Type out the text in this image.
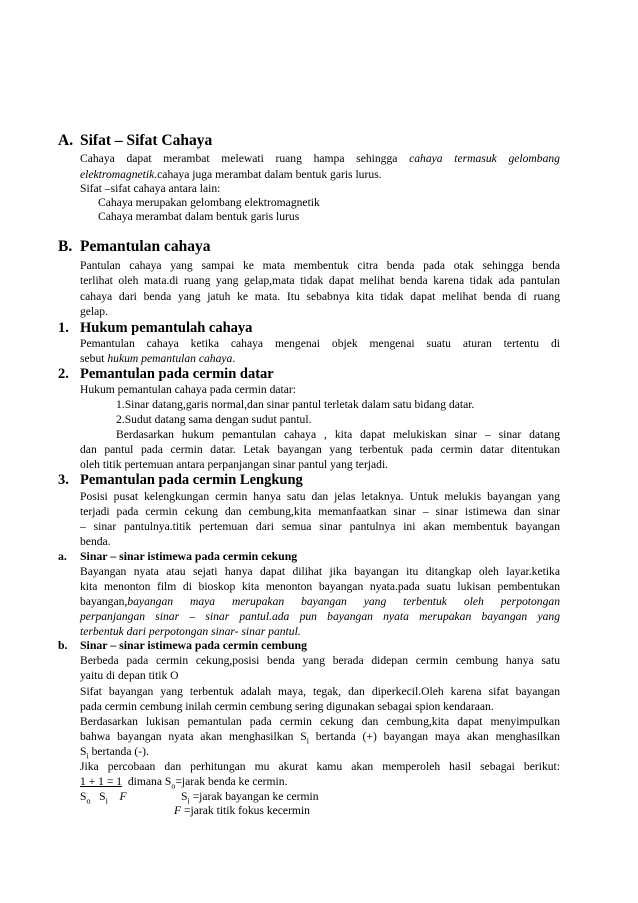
A. Sifat – Sifat Cahaya
Cahaya dapat merambat melewati ruang hampa sehingga cahaya termasuk gelombang
elektromagnetik.cahaya juga merambat dalam bentuk garis lurus.
Sifat –sifat cahaya antara lain:
Cahaya merupakan gelombang elektromagnetik
Cahaya merambat dalam bentuk garis lurus
B. Pemantulan cahaya
Pantulan cahaya yang sampai ke mata membentuk citra benda pada otak sehingga benda
terlihat oleh mata.di ruang yang gelap,mata tidak dapat melihat benda karena tidak ada pantulan
cahaya dari benda yang jatuh ke mata. Itu sebabnya kita tidak dapat melihat benda di ruang
gelap.
1. Hukum pemantulah cahaya
Pemantulan cahaya ketika cahaya mengenai objek mengenai suatu aturan tertentu di
sebut hukum pemantulan cahaya.
2. Pemantulan pada cermin datar
Hukum pemantulan cahaya pada cermin datar:
1.Sinar datang,garis normal,dan sinar pantul terletak dalam satu bidang datar.
2.Sudut datang sama dengan sudut pantul.
Berdasarkan hukum pemantulan cahaya , kita dapat melukiskan sinar – sinar datang
dan pantul pada cermin datar. Letak bayangan yang terbentuk pada cermin datar ditentukan
oleh titik pertemuan antara perpanjangan sinar pantul yang terjadi.
3. Pemantulan pada cermin Lengkung
Posisi pusat kelengkungan cermin hanya satu dan jelas letaknya. Untuk melukis bayangan yang
terjadi pada cermin cekung dan cembung,kita memanfaatkan sinar – sinar istimewa dan sinar
– sinar pantulnya.titik pertemuan dari semua sinar pantulnya ini akan membentuk bayangan
benda.
a. Sinar – sinar istimewa pada cermin cekung
Bayangan nyata atau sejati hanya dapat dilihat jika bayangan itu ditangkap oleh layar.ketika
kita menonton film di bioskop kita menonton bayangan nyata.pada suatu lukisan pembentukan
bayangan,bayangan maya merupakan bayangan yang terbentuk oleh perpotongan
perpanjangan sinar – sinar pantul.ada pun bayangan nyata merupakan bayangan yang
terbentuk dari perpotongan sinar- sinar pantul.
b. Sinar – sinar istimewa pada cermin cembung
Berbeda pada cermin cekung,posisi benda yang berada didepan cermin cembung hanya satu
yaitu di depan titik O
Sifat bayangan yang terbentuk adalah maya, tegak, dan diperkecil.Oleh karena sifat bayangan
pada cermin cembung inilah cermin cembung sering digunakan sebagai spion kendaraan.
Berdasarkan lukisan pemantulan pada cermin cekung dan cembung,kita dapat menyimpulkan
bahwa bayangan nyata akan menghasilkan $S_i$ bertanda (+) bayangan maya akan menghasilkan
$S_i$ bertanda (-).
Jika percobaan dan perhitungan mu akurat kamu akan memperoleh hasil sebagai berikut:
1 + 1 = 1 dimana $S_o=jarak$ benda ke cermin.
$S_o$ $S_i$ F	$S_i$ =jarak bayangan ke cermin
F =jarak titik fokus kecermin
